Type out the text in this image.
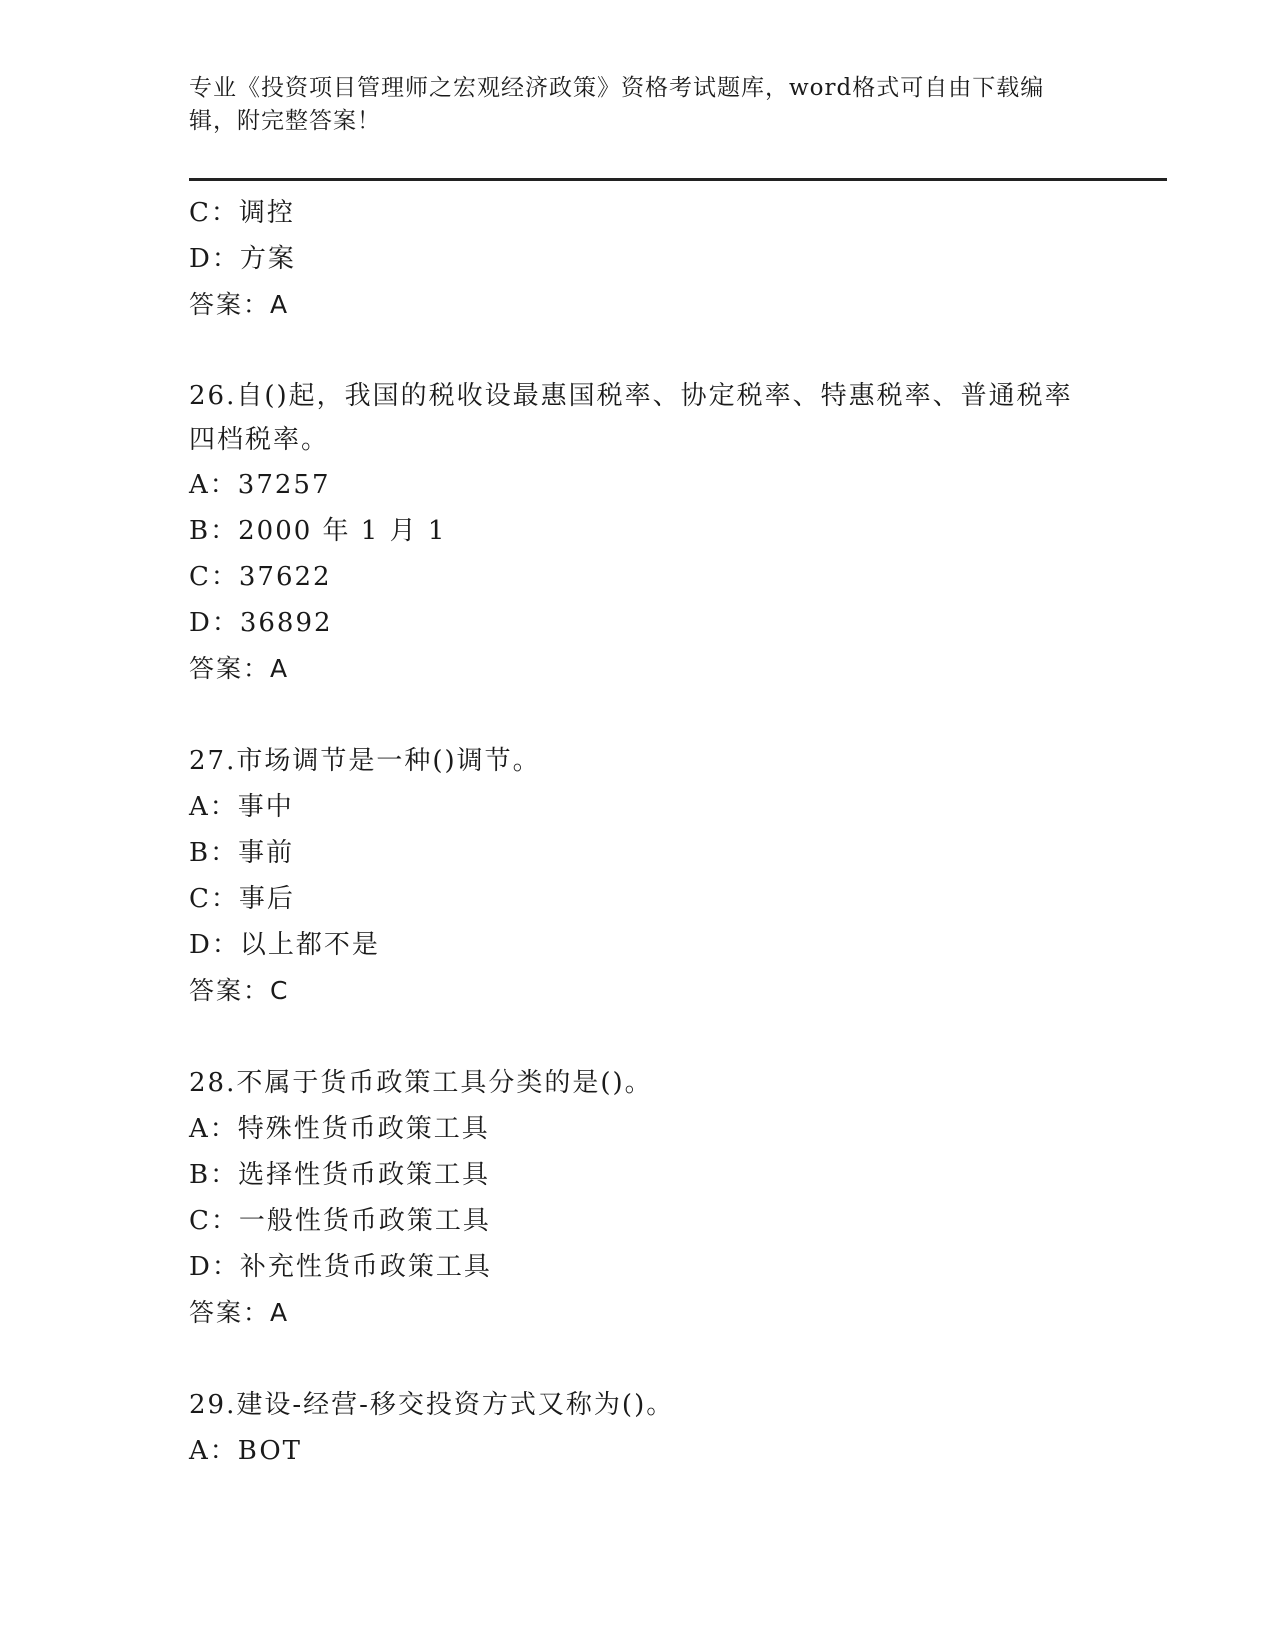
专业《投资项目管理师之宏观经济政策》资格考试题库，word格式可自由下载编辑，附完整答案！
C：调控
D：方案
答案：A
26.自()起，我国的税收设最惠国税率、协定税率、特惠税率、普通税率四档税率。
A：37257
B：2000 年 1 月 1
C：37622
D：36892
答案：A
27.市场调节是一种()调节。
A：事中
B：事前
C：事后
D：以上都不是
答案：C
28.不属于货币政策工具分类的是()。
A：特殊性货币政策工具
B：选择性货币政策工具
C：一般性货币政策工具
D：补充性货币政策工具
答案：A
29.建设-经营-移交投资方式又称为()。
A：BOT
